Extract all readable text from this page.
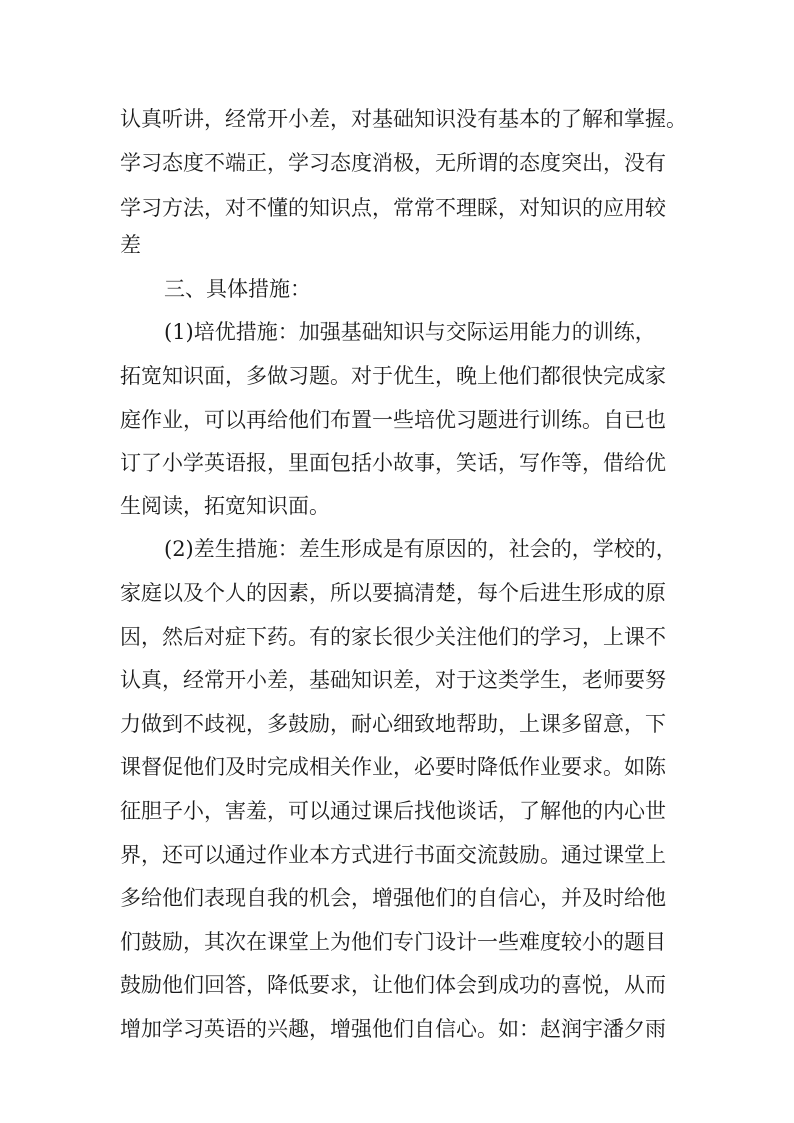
认真听讲，经常开小差，对基础知识没有基本的了解和掌握。
学习态度不端正，学习态度消极，无所谓的态度突出，没有
学习方法，对不懂的知识点，常常不理睬，对知识的应用较
差
三、具体措施：
(1)培优措施：加强基础知识与交际运用能力的训练，
拓宽知识面，多做习题。对于优生，晚上他们都很快完成家
庭作业，可以再给他们布置一些培优习题进行训练。自已也
订了小学英语报，里面包括小故事，笑话，写作等，借给优
生阅读，拓宽知识面。
(2)差生措施：差生形成是有原因的，社会的，学校的，
家庭以及个人的因素，所以要搞清楚，每个后进生形成的原
因，然后对症下药。有的家长很少关注他们的学习，上课不
认真，经常开小差，基础知识差，对于这类学生，老师要努
力做到不歧视，多鼓励，耐心细致地帮助，上课多留意，下
课督促他们及时完成相关作业，必要时降低作业要求。如陈
征胆子小，害羞，可以通过课后找他谈话，了解他的内心世
界，还可以通过作业本方式进行书面交流鼓励。通过课堂上
多给他们表现自我的机会，增强他们的自信心，并及时给他
们鼓励，其次在课堂上为他们专门设计一些难度较小的题目
鼓励他们回答，降低要求，让他们体会到成功的喜悦，从而
增加学习英语的兴趣，增强他们自信心。如：赵润宇潘夕雨
